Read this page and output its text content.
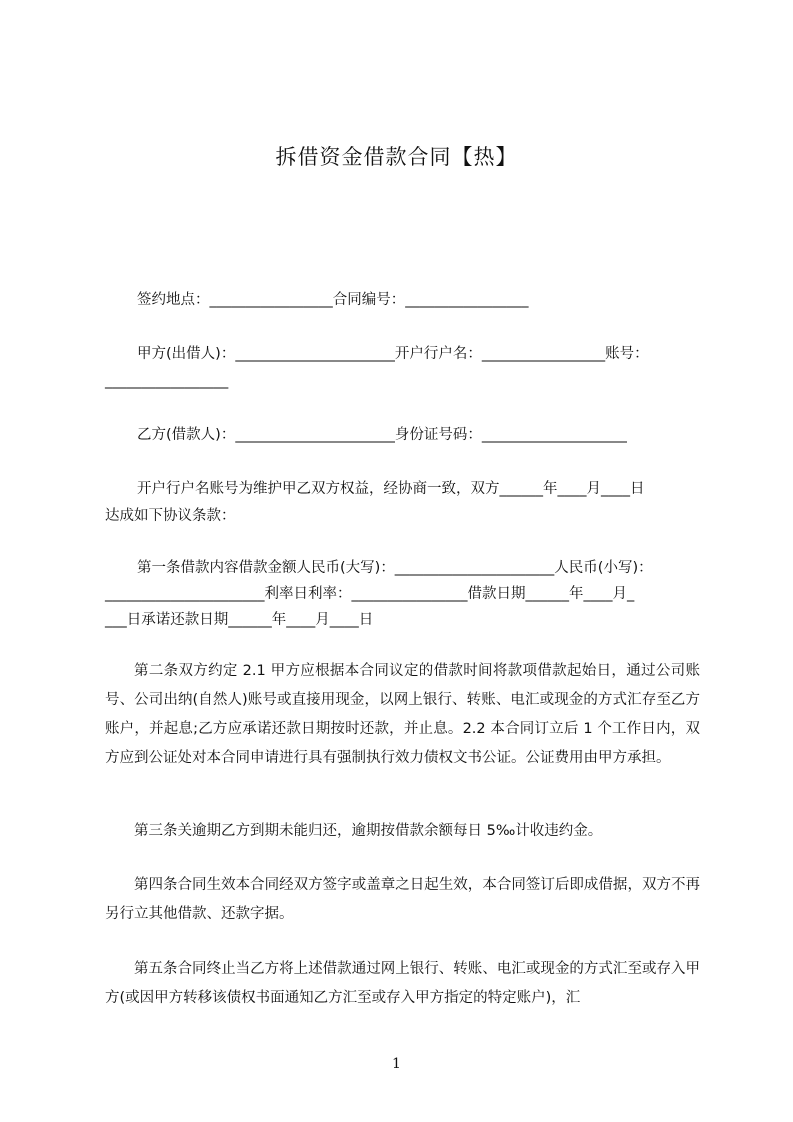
拆借资金借款合同【热】
签约地点：_________________合同编号：_________________
甲方(出借人)：______________________开户行户名：_________________账号：
_________________
乙方(借款人)：______________________身份证号码：____________________
开户行户名账号为维护甲乙双方权益，经协商一致，双方______年____月____日
达成如下协议条款：
第一条借款内容借款金额人民币(大写)：______________________人民币(小写)：
______________________利率日利率：________________借款日期______年____月_
___日承诺还款日期______年____月____日
第二条双方约定 2.1 甲方应根据本合同议定的借款时间将款项借款起始日，通过公司账号、公司出纳(自然人)账号或直接用现金，以网上银行、转账、电汇或现金的方式汇存至乙方账户，并起息;乙方应承诺还款日期按时还款，并止息。2.2 本合同订立后 1 个工作日内，双方应到公证处对本合同申请进行具有强制执行效力债权文书公证。公证费用由甲方承担。
第三条关逾期乙方到期未能归还，逾期按借款余额每日 5‰计收违约金。
第四条合同生效本合同经双方签字或盖章之日起生效，本合同签订后即成借据，双方不再另行立其他借款、还款字据。
第五条合同终止当乙方将上述借款通过网上银行、转账、电汇或现金的方式汇至或存入甲方(或因甲方转移该债权书面通知乙方汇至或存入甲方指定的特定账户)，汇
1
